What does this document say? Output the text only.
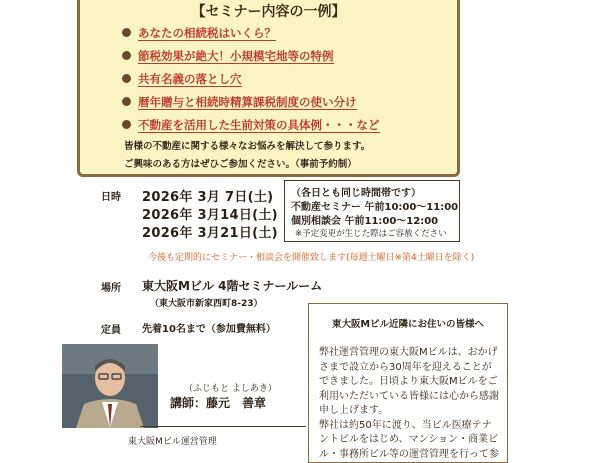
【セミナー内容の一例】
あなたの相続税はいくら？
節税効果が絶大！小規模宅地等の特例
共有名義の落とし穴
暦年贈与と相続時精算課税制度の使い分け
不動産を活用した生前対策の具体例・・・など
皆様の不動産に関する様々なお悩みを解決して参ります。
ご興味のある方はぜひご参加ください。（事前予約制）
日時 2026年 3月 7日(土)
2026年 3月14日(土)
2026年 3月21日(土)
（各日とも同じ時間帯です）
不動産セミナー 午前10:00〜11:00
個別相談会 午前11:00〜12:00
※予定変更が生じた際はご容赦ください
今後も定期的にセミナー・相談会を開催致します(毎週土曜日※第4土曜日を除く)
場所 東大阪Mビル 4階セミナールーム
（東大阪市新家西町8-23）
定員 先着10名まで（参加費無料）
（ふじもと よしあき）
講師：藤元　善章
東大阪Mビル運営管理
東大阪Mビル近隣にお住いの皆様へ
弊社運営管理の東大阪Mビルは、おかげ
さまで設立から30周年を迎えることが
できました。日頃より東大阪Mビルをご
利用いただいている皆様には心から感謝
申し上げます。
弊社は約50年に渡り、当ビル医療テナ
ントビルをはじめ、マンション・商業ビ
ル・事務所ビル等の運営管理を行って参
